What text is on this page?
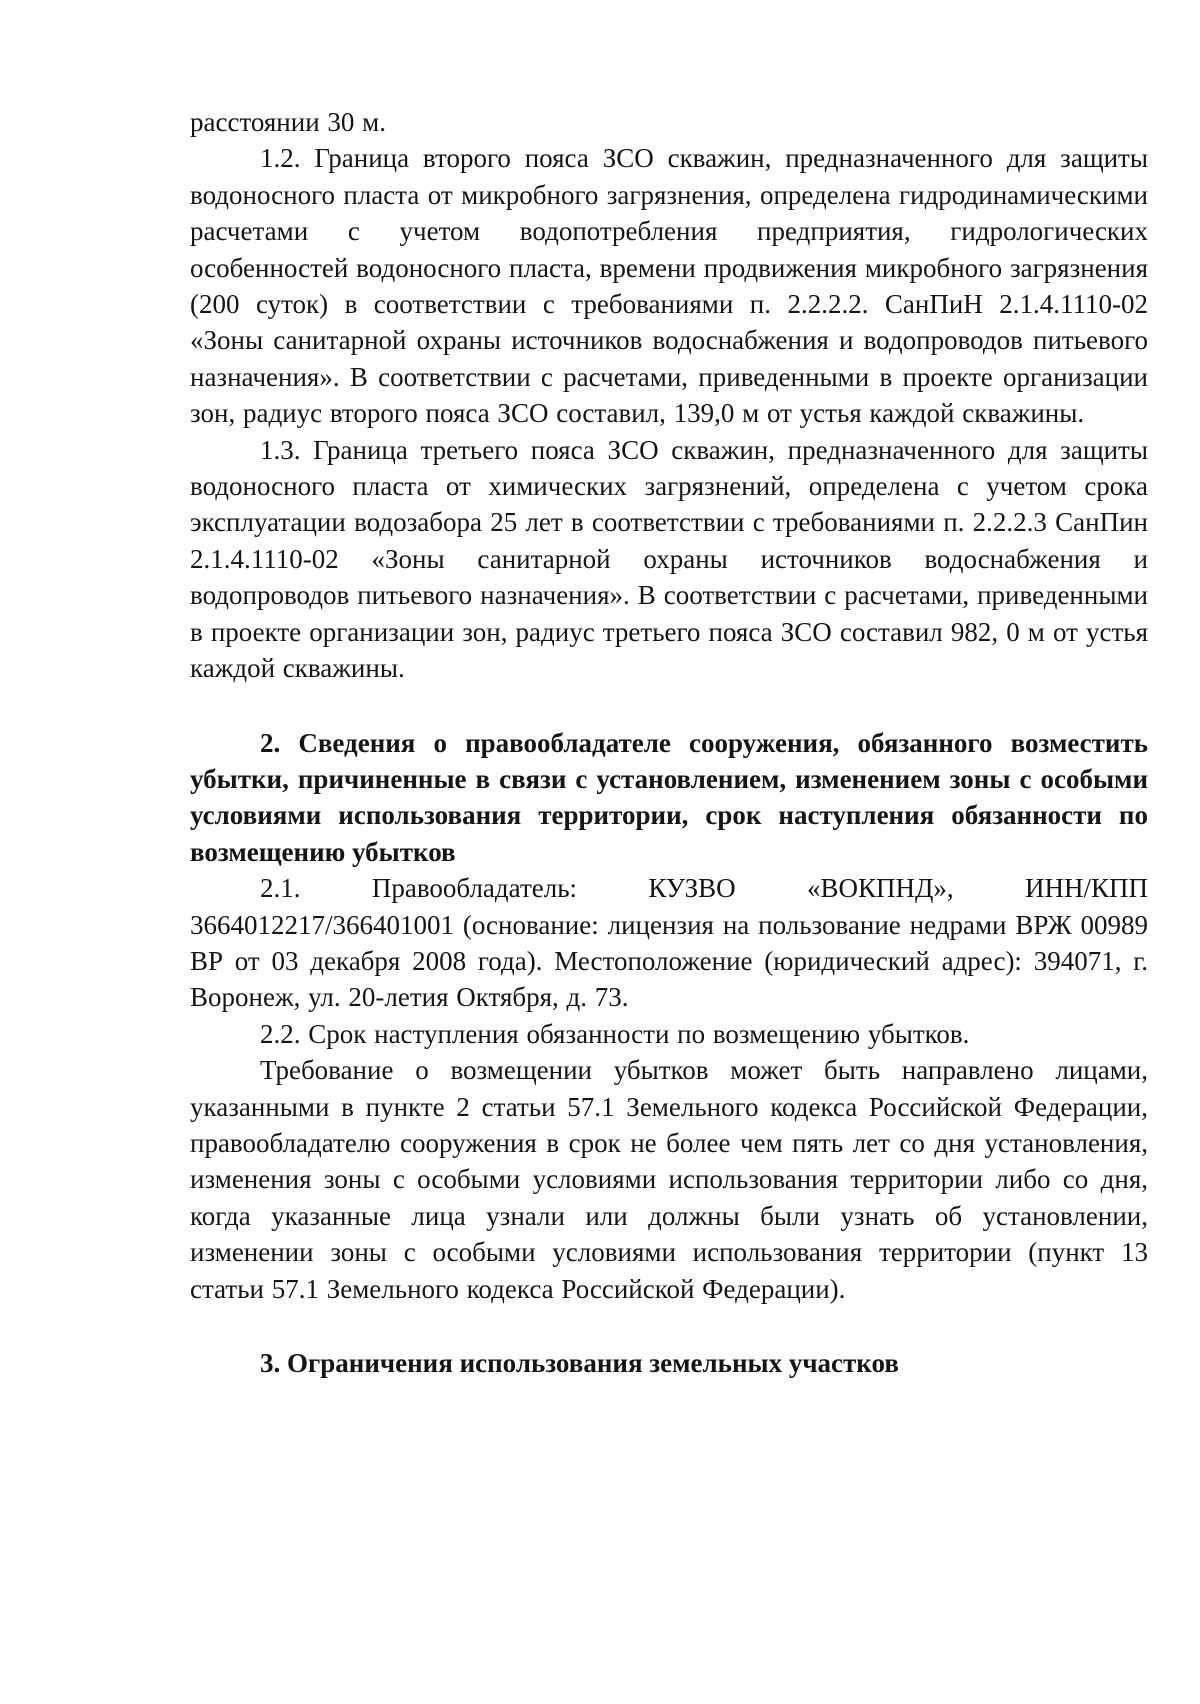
расстоянии 30 м.

1.2. Граница второго пояса ЗСО скважин, предназначенного для защиты водоносного пласта от микробного загрязнения, определена гидродинамическими расчетами с учетом водопотребления предприятия, гидрологических особенностей водоносного пласта, времени продвижения микробного загрязнения (200 суток) в соответствии с требованиями п. 2.2.2.2. СанПиН 2.1.4.1110-02 «Зоны санитарной охраны источников водоснабжения и водопроводов питьевого назначения». В соответствии с расчетами, приведенными в проекте организации зон, радиус второго пояса ЗСО составил, 139,0 м от устья каждой скважины.

1.3. Граница третьего пояса ЗСО скважин, предназначенного для защиты водоносного пласта от химических загрязнений, определена с учетом срока эксплуатации водозабора 25 лет в соответствии с требованиями п. 2.2.2.3 СанПин 2.1.4.1110-02 «Зоны санитарной охраны источников водоснабжения и водопроводов питьевого назначения». В соответствии с расчетами, приведенными в проекте организации зон, радиус третьего пояса ЗСО составил 982, 0 м от устья каждой скважины.

2. Сведения о правообладателе сооружения, обязанного возместить убытки, причиненные в связи с установлением, изменением зоны с особыми условиями использования территории, срок наступления обязанности по возмещению убытков

2.1. Правообладатель: КУЗВО «ВОКПНД», ИНН/КПП 3664012217/366401001 (основание: лицензия на пользование недрами ВРЖ 00989 ВР от 03 декабря 2008 года). Местоположение (юридический адрес): 394071, г. Воронеж, ул. 20-летия Октября, д. 73.

2.2. Срок наступления обязанности по возмещению убытков.

Требование о возмещении убытков может быть направлено лицами, указанными в пункте 2 статьи 57.1 Земельного кодекса Российской Федерации, правообладателю сооружения в срок не более чем пять лет со дня установления, изменения зоны с особыми условиями использования территории либо со дня, когда указанные лица узнали или должны были узнать об установлении, изменении зоны с особыми условиями использования территории (пункт 13 статьи 57.1 Земельного кодекса Российской Федерации).

3. Ограничения использования земельных участков
